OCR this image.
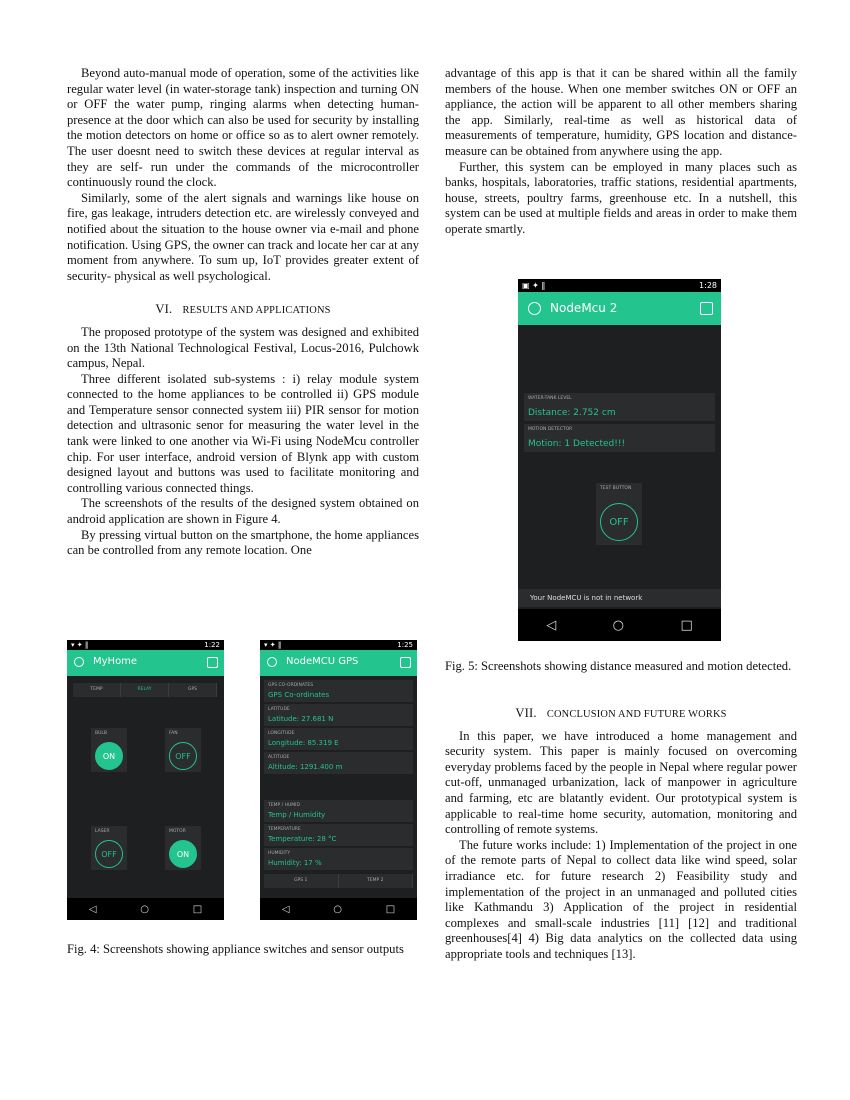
Beyond auto-manual mode of operation, some of the activities like regular water level (in water-storage tank) inspection and turning ON or OFF the water pump, ringing alarms when detecting human-presence at the door which can also be used for security by installing the motion detectors on home or office so as to alert owner remotely. The user doesnt need to switch these devices at regular interval as they are self- run under the commands of the microcontroller continuously round the clock.

Similarly, some of the alert signals and warnings like house on fire, gas leakage, intruders detection etc. are wirelessly conveyed and notified about the situation to the house owner via e-mail and phone notification. Using GPS, the owner can track and locate her car at any moment from anywhere. To sum up, IoT provides greater extent of security- physical as well psychological.

VI. RESULTS AND APPLICATIONS

The proposed prototype of the system was designed and exhibited on the 13th National Technological Festival, Locus-2016, Pulchowk campus, Nepal.

Three different isolated sub-systems : i) relay module system connected to the home appliances to be controlled ii) GPS module and Temperature sensor connected system iii) PIR sensor for motion detection and ultrasonic senor for measuring the water level in the tank were linked to one another via Wi-Fi using NodeMcu controller chip. For user interface, android version of Blynk app with custom designed layout and buttons was used to facilitate monitoring and controlling various connected things.

The screenshots of the results of the designed system obtained on android application are shown in Figure 4.

By pressing virtual button on the smartphone, the home appliances can be controlled from any remote location. One

advantage of this app is that it can be shared within all the family members of the house. When one member switches ON or OFF an appliance, the action will be apparent to all other members sharing the app. Similarly, real-time as well as historical data of measurements of temperature, humidity, GPS location and distance-measure can be obtained from anywhere using the app.

Further, this system can be employed in many places such as banks, hospitals, laboratories, traffic stations, residential apartments, house, streets, poultry farms, greenhouse etc. In a nutshell, this system can be used at multiple fields and areas in order to make them operate smartly.

VII. CONCLUSION AND FUTURE WORKS

In this paper, we have introduced a home management and security system. This paper is mainly focused on overcoming everyday problems faced by the people in Nepal where regular power cut-off, unmanaged urbanization, lack of manpower in agriculture and farming, etc are blatantly evident. Our prototypical system is applicable to real-time home security, automation, monitoring and controlling of remote systems.

The future works include: 1) Implementation of the project in one of the remote parts of Nepal to collect data like wind speed, solar irradiance etc. for future research 2) Feasibility study and implementation of the project in an unmanaged and polluted cities like Kathmandu 3) Application of the project in residential complexes and small-scale industries [11] [12] and traditional greenhouses[4] 4) Big data analytics on the collected data using appropriate tools and techniques [13].

▾ ✦ ‖	1:22
MyHome
TEMP	RELAY	GPS
BULB
ON
FAN
OFF
LASER
OFF
MOTOR
ON
◁	○	□
▾ ✦ ‖	1:25
NodeMCU GPS
GPS CO-ORDINATES
GPS Co-ordinates
LATITUDE
Latitude: 27.681 N
LONGITUDE
Longitude: 85.319 E
ALTITUDE
Altitude: 1291.400 m
TEMP / HUMID
Temp / Humidity
TEMPERATURE
Temperature: 28 °C
HUMIDITY
Humidity: 17 %
GPS 1	TEMP 2
◁	○	□

Fig. 4: Screenshots showing appliance switches and sensor outputs

▣ ✦ ‖	1:28
NodeMcu 2
WATER-TANK LEVEL
Distance: 2.752 cm
MOTION DETECTOR
Motion: 1 Detected!!!
TEST BUTTON
OFF
Your NodeMCU is not in network
◁	○	□

Fig. 5: Screenshots showing distance measured and motion detected.
